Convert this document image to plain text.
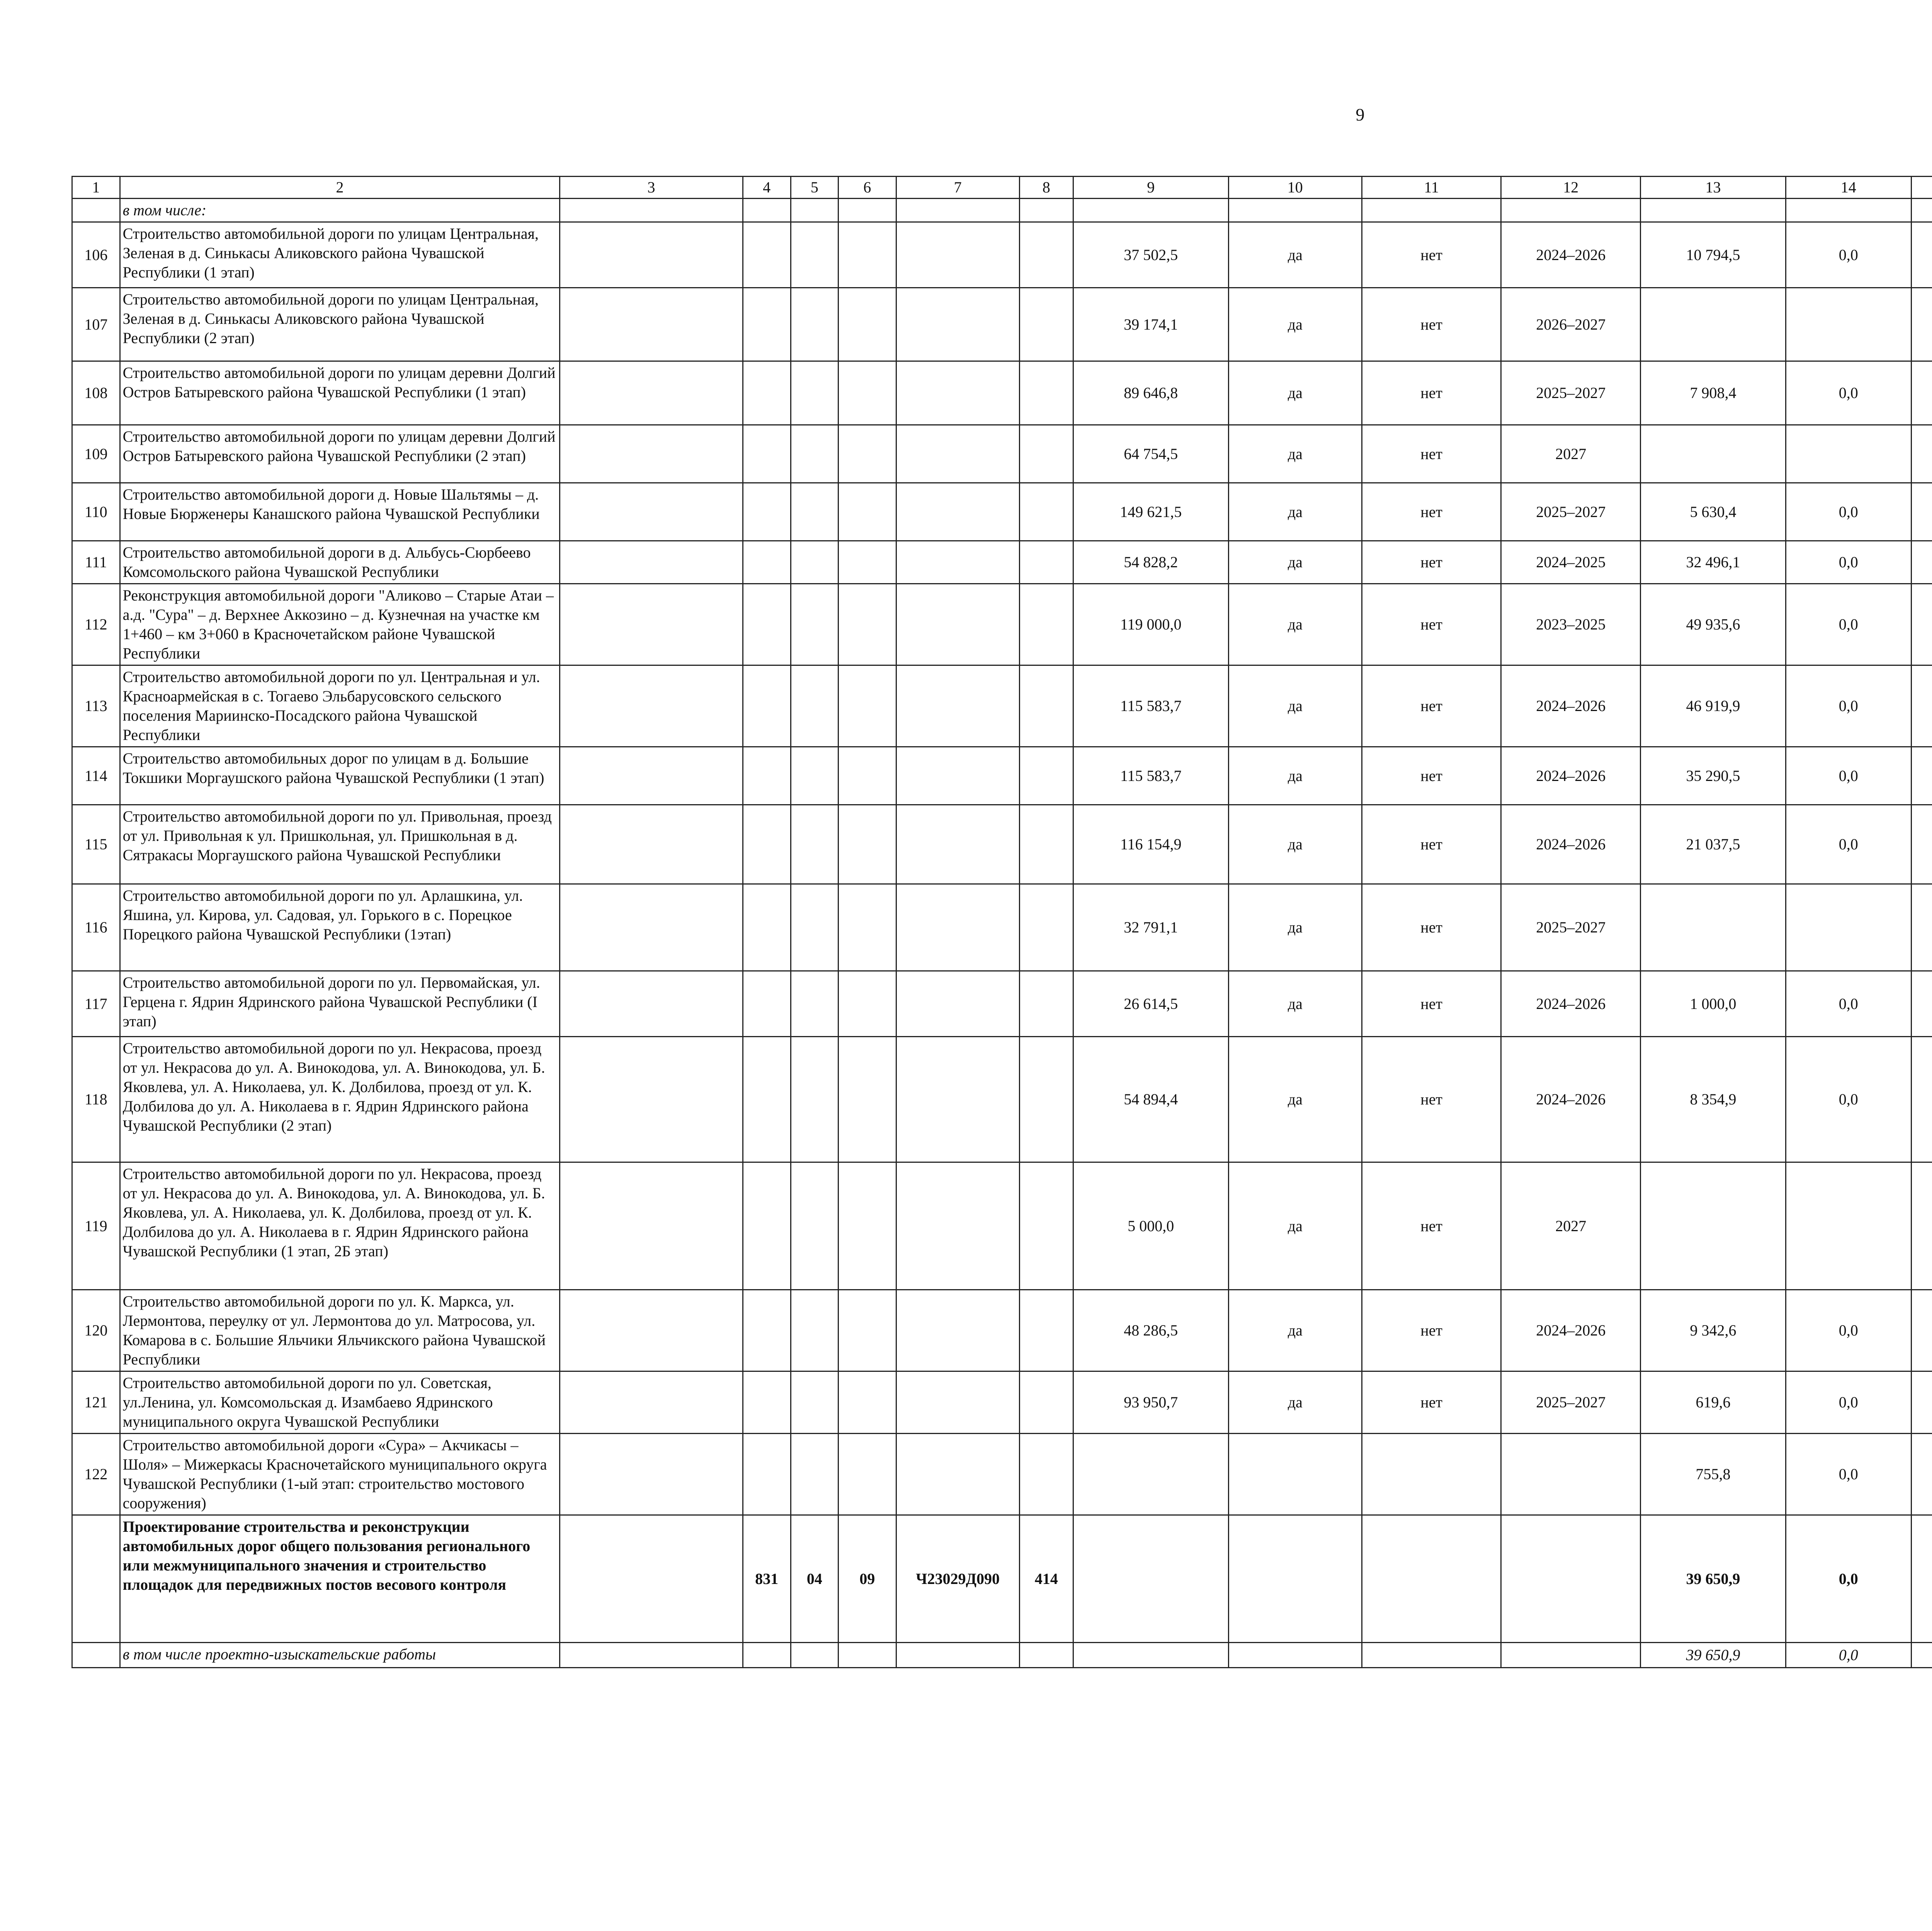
9
1	2	3	4	5	6	7	8	9	10	11	12	13	14							
	в том числе:																			
106	Строительство автомобильной дороги по улицам Центральная, Зеленая в д. Синькасы Аликовского района Чувашской Республики (1 этап)							37 502,5	да	нет	2024–2026	10 794,5	0,0							
107	Строительство автомобильной дороги по улицам Центральная, Зеленая в д. Синькасы Аликовского района Чувашской Республики (2 этап)							39 174,1	да	нет	2026–2027									
108	Строительство автомобильной дороги по улицам деревни Долгий Остров Батыревского района Чувашской Республики (1 этап)							89 646,8	да	нет	2025–2027	7 908,4	0,0							
109	Строительство автомобильной дороги по улицам деревни Долгий Остров Батыревского района Чувашской Республики (2 этап)							64 754,5	да	нет	2027									
110	Строительство автомобильной дороги д. Новые Шальтямы – д. Новые Бюрженеры Канашского района Чувашской Республики							149 621,5	да	нет	2025–2027	5 630,4	0,0							
111	Строительство автомобильной дороги в д. Альбусь-Сюрбеево Комсомольского района Чувашской Республики							54 828,2	да	нет	2024–2025	32 496,1	0,0							
112	Реконструкция автомобильной дороги "Аликово – Старые Атаи – а.д. "Сура" – д. Верхнее Аккозино – д. Кузнечная на участке км 1+460 – км 3+060 в Красночетайском районе Чувашской Республики							119 000,0	да	нет	2023–2025	49 935,6	0,0							
113	Строительство автомобильной дороги по ул. Центральная и ул. Красноармейская в с. Тогаево Эльбарусовского сельского поселения Мариинско-Посадского района Чувашской Республики							115 583,7	да	нет	2024–2026	46 919,9	0,0							
114	Строительство автомобильных дорог по улицам в д. Большие Токшики Моргаушского района Чувашской Республики (1 этап)							115 583,7	да	нет	2024–2026	35 290,5	0,0							
115	Строительство автомобильной дороги по ул. Привольная, проезд от ул. Привольная к ул. Пришкольная, ул. Пришкольная в д. Сятракасы Моргаушского района Чувашской Республики							116 154,9	да	нет	2024–2026	21 037,5	0,0							
116	Строительство автомобильной дороги по ул. Арлашкина, ул. Яшина, ул. Кирова, ул. Садовая, ул. Горького в с. Порецкое Порецкого района Чувашской Республики (1этап)							32 791,1	да	нет	2025–2027									
117	Строительство автомобильной дороги по ул. Первомайская, ул. Герцена г. Ядрин Ядринского района Чувашской Республики (I этап)							26 614,5	да	нет	2024–2026	1 000,0	0,0							
118	Строительство автомобильной дороги по ул. Некрасова, проезд от ул. Некрасова до ул. А. Винокодова, ул. А. Винокодова, ул. Б. Яковлева, ул. А. Николаева, ул. К. Долбилова, проезд от ул. К. Долбилова до ул. А. Николаева в г. Ядрин Ядринского района Чувашской Республики (2 этап)							54 894,4	да	нет	2024–2026	8 354,9	0,0							
119	Строительство автомобильной дороги по ул. Некрасова, проезд от ул. Некрасова до ул. А. Винокодова, ул. А. Винокодова, ул. Б. Яковлева, ул. А. Николаева, ул. К. Долбилова, проезд от ул. К. Долбилова до ул. А. Николаева в г. Ядрин Ядринского района Чувашской Республики (1 этап, 2Б этап)							5 000,0	да	нет	2027									
120	Строительство автомобильной дороги по ул. К. Маркса, ул. Лермонтова, переулку от ул. Лермонтова до ул. Матросова, ул. Комарова в с. Большие Яльчики Яльчикского района Чувашской Республики							48 286,5	да	нет	2024–2026	9 342,6	0,0							
121	Строительство автомобильной дороги по ул. Советская, ул.Ленина, ул. Комсомольская д. Изамбаево Ядринского муниципального округа Чувашской Республики							93 950,7	да	нет	2025–2027	619,6	0,0							
122	Строительство автомобильной дороги «Сура» – Акчикасы – Шоля» – Мижеркасы Красночетайского муниципального округа Чувашской Республики (1-ый этап: строительство мостового сооружения)											755,8	0,0							
	Проектирование строительства и реконструкции автомобильных дорог общего пользования регионального или межмуниципального значения и строительство площадок для передвижных постов весового контроля		831	04	09	Ч23029Д090	414					39 650,9	0,0							
	в том числе проектно-изыскательские работы											39 650,9	0,0							
